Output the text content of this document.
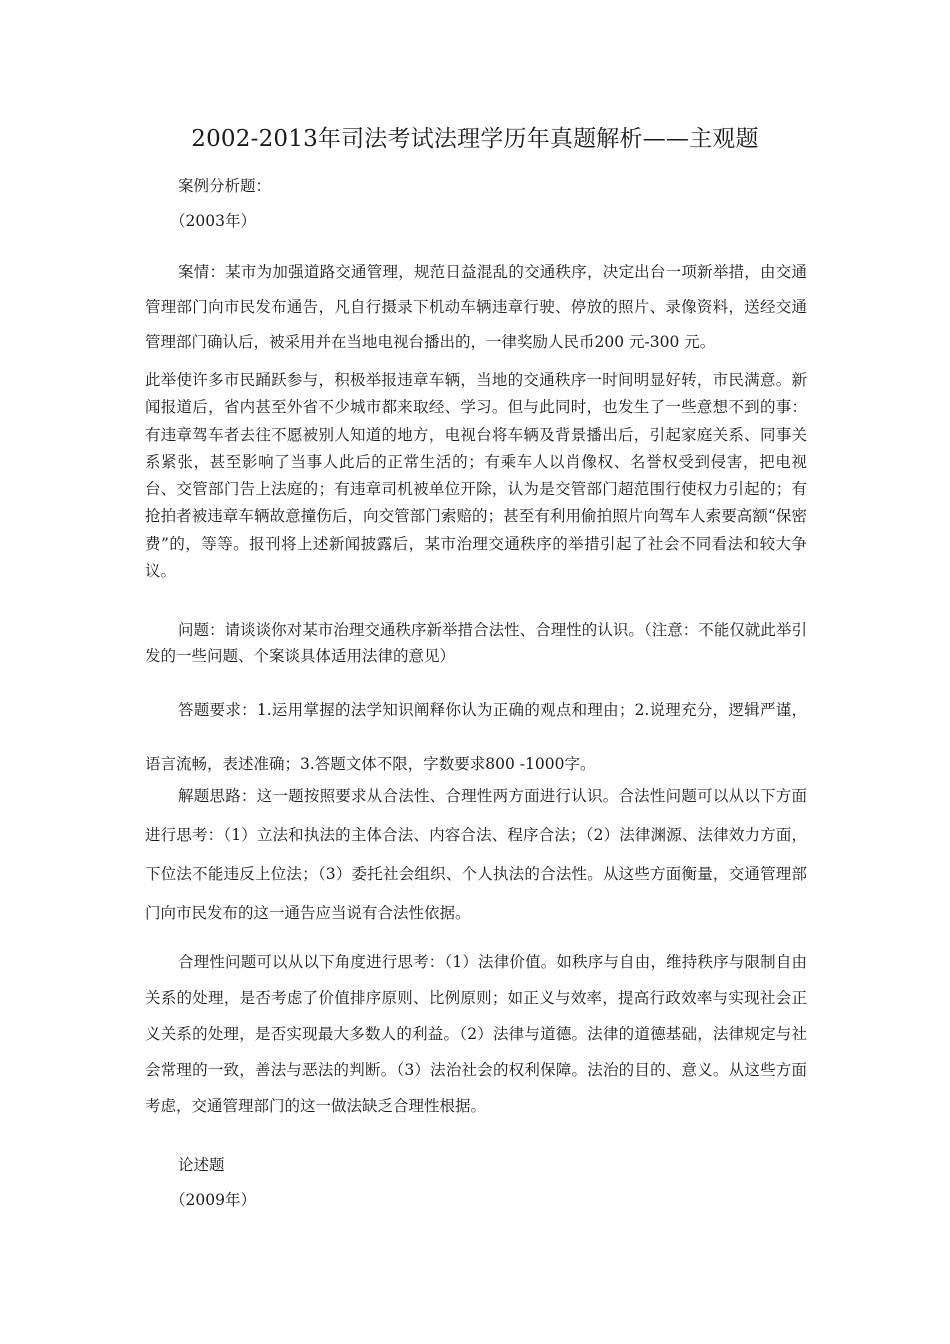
2002-2013年司法考试法理学历年真题解析——主观题
案例分析题：
（2003年）

案情：某市为加强道路交通管理，规范日益混乱的交通秩序，决定出台一项新举措，由交通管理部门向市民发布通告，凡自行摄录下机动车辆违章行驶、停放的照片、录像资料，送经交通管理部门确认后，被采用并在当地电视台播出的，一律奖励人民币200 元-300 元。

此举使许多市民踊跃参与，积极举报违章车辆，当地的交通秩序一时间明显好转，市民满意。新闻报道后，省内甚至外省不少城市都来取经、学习。但与此同时，也发生了一些意想不到的事：有违章驾车者去往不愿被别人知道的地方，电视台将车辆及背景播出后，引起家庭关系、同事关系紧张，甚至影响了当事人此后的正常生活的；有乘车人以肖像权、名誉权受到侵害，把电视台、交管部门告上法庭的；有违章司机被单位开除，认为是交管部门超范围行使权力引起的；有抢拍者被违章车辆故意撞伤后，向交管部门索赔的；甚至有利用偷拍照片向驾车人索要高额“保密费”的，等等。报刊将上述新闻披露后，某市治理交通秩序的举措引起了社会不同看法和较大争议。

问题：请谈谈你对某市治理交通秩序新举措合法性、合理性的认识。（注意：不能仅就此举引发的一些问题、个案谈具体适用法律的意见）

答题要求：1.运用掌握的法学知识阐释你认为正确的观点和理由；2.说理充分，逻辑严谨，语言流畅，表述准确；3.答题文体不限，字数要求800 -1000字。

解题思路：这一题按照要求从合法性、合理性两方面进行认识。合法性问题可以从以下方面进行思考：（1）立法和执法的主体合法、内容合法、程序合法；（2）法律渊源、法律效力方面，下位法不能违反上位法；（3）委托社会组织、个人执法的合法性。从这些方面衡量，交通管理部门向市民发布的这一通告应当说有合法性依据。

合理性问题可以从以下角度进行思考：（1）法律价值。如秩序与自由，维持秩序与限制自由关系的处理，是否考虑了价值排序原则、比例原则；如正义与效率，提高行政效率与实现社会正义关系的处理，是否实现最大多数人的利益。（2）法律与道德。法律的道德基础，法律规定与社会常理的一致，善法与恶法的判断。（3）法治社会的权利保障。法治的目的、意义。从这些方面考虑，交通管理部门的这一做法缺乏合理性根据。

论述题
（2009年）
